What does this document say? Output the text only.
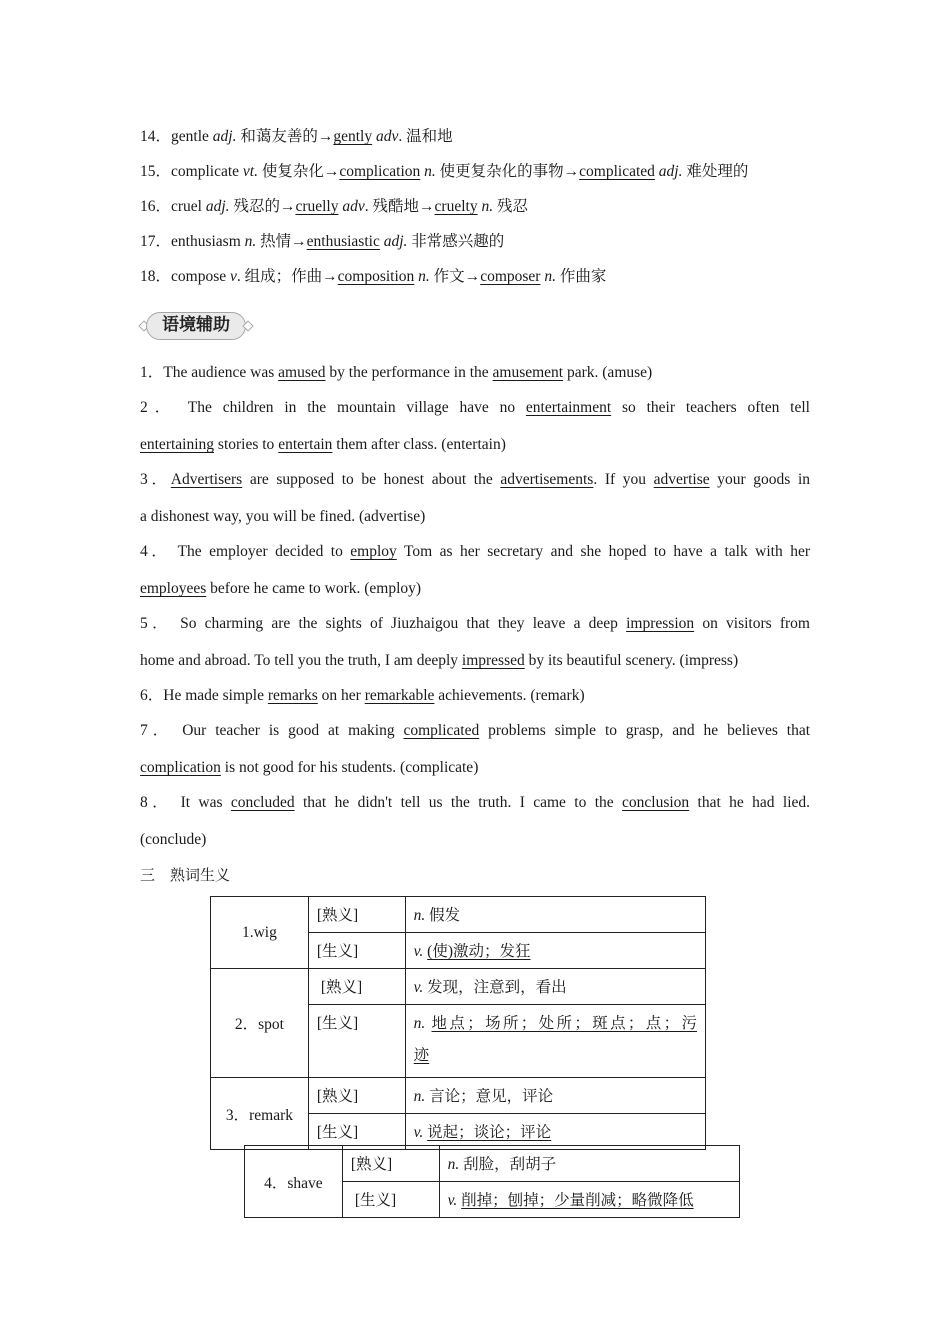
14．gentle adj. 和蔼友善的→gently adv. 温和地
15．complicate vt. 使复杂化→complication n. 使更复杂化的事物→complicated adj. 难处理的
16．cruel adj. 残忍的→cruelly adv. 残酷地→cruelty n. 残忍
17．enthusiasm n. 热情→enthusiastic adj. 非常感兴趣的
18．compose v. 组成；作曲→composition n. 作文→composer n. 作曲家
语境辅助
1．The audience was amused by the performance in the amusement park. (amuse)
2． The children in the mountain village have no entertainment so their teachers often tell
entertaining stories to entertain them after class. (entertain)
3．Advertisers are supposed to be honest about the advertisements. If you advertise your goods in
a dishonest way, you will be fined. (advertise)
4． The employer decided to employ Tom as her secretary and she hoped to have a talk with her
employees before he came to work. (employ)
5． So charming are the sights of Jiuzhaigou that they leave a deep impression on visitors from
home and abroad. To tell you the truth, I am deeply impressed by its beautiful scenery. (impress)
6．He made simple remarks on her remarkable achievements. (remark)
7． Our teacher is good at making complicated problems simple to grasp, and he believes that
complication is not good for his students. (complicate)
8． It was concluded that he didn't tell us the truth. I came to the conclusion that he had lied.
(conclude)
三　熟词生义
1.wig	[熟义]	n. 假发
	[生义]	v. (使)激动；发狂
2．spot	[熟义]	v. 发现，注意到，看出
	[生义]	n. 地点；场所；处所；斑点；点；污
迹

3．remark	[熟义]	n. 言论；意见，评论
	[生义]	v. 说起；谈论；评论
4．shave	[熟义]	n. 刮脸，刮胡子
	[生义]	v. 削掉；刨掉；少量削减；略微降低
